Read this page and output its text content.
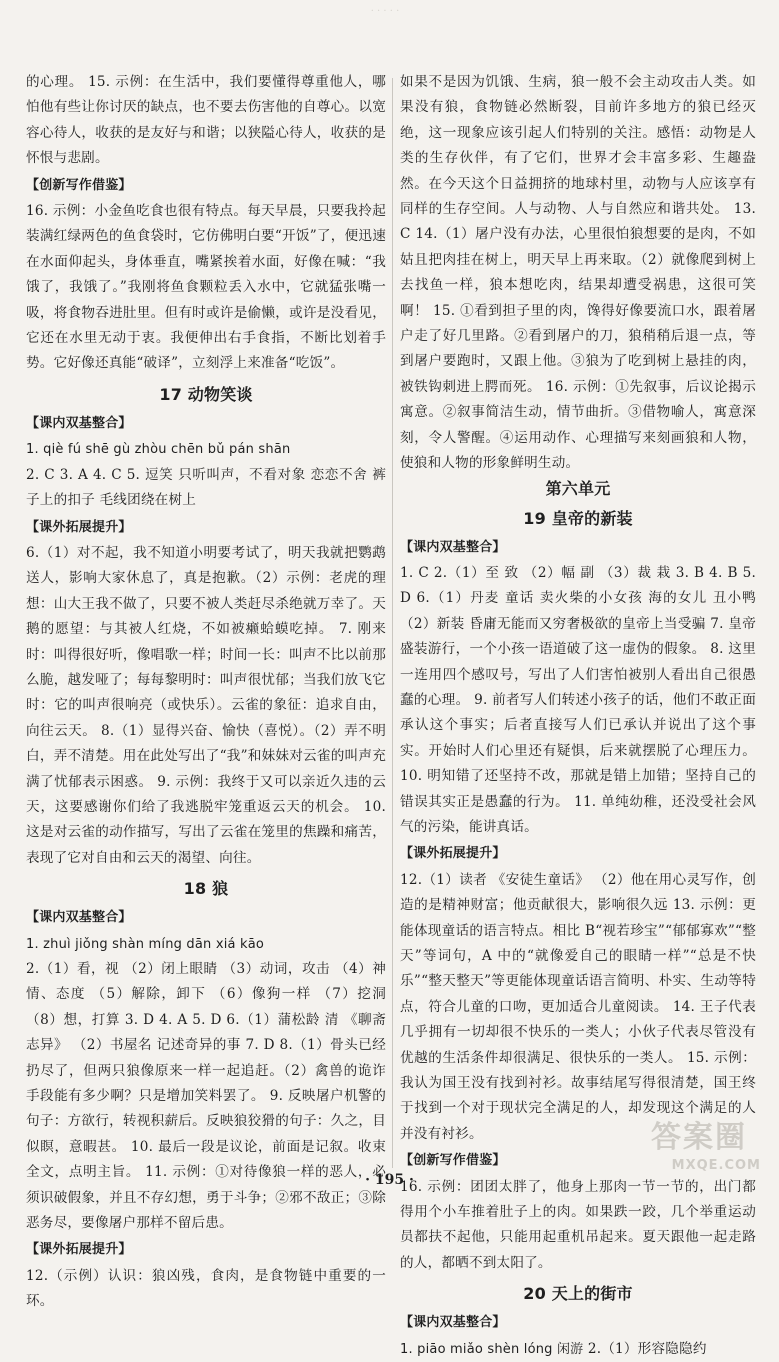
· · · · ·

的心理。 15. 示例：在生活中，我们要懂得尊重他人，哪怕他有些让你讨厌的缺点，也不要去伤害他的自尊心。以宽容心待人，收获的是友好与和谐；以狭隘心待人，收获的是怀恨与悲剧。

【创新写作借鉴】

16. 示例：小金鱼吃食也很有特点。每天早晨，只要我拎起装满红绿两色的鱼食袋时，它仿佛明白要“开饭”了，便迅速在水面仰起头，身体垂直，嘴紧挨着水面，好像在喊：“我饿了，我饿了。”我刚将鱼食颗粒丢入水中，它就猛张嘴一吸，将食物吞进肚里。但有时或许是偷懒，或许是没看见，它还在水里无动于衷。我便伸出右手食指，不断比划着手势。它好像还真能“破译”，立刻浮上来准备“吃饭”。

17 动物笑谈
【课内双基整合】

1. qiè fú shē gù zhòu chēn bǔ pán shān

2. C 3. A 4. C 5. 逗笑 只听叫声，不看对象 恋恋不舍 裤子上的扣子 毛线团绕在树上

【课外拓展提升】

6.（1）对不起，我不知道小明要考试了，明天我就把鹦鹉送人，影响大家休息了，真是抱歉。（2）示例：老虎的理想：山大王我不做了，只要不被人类赶尽杀绝就万幸了。天鹅的愿望：与其被人红烧，不如被癞蛤蟆吃掉。 7. 刚来时：叫得很好听，像唱歌一样；时间一长：叫声不比以前那么脆，越发哑了；每每黎明时：叫声很忧郁；当我们放飞它时：它的叫声很响亮（或快乐）。云雀的象征：追求自由，向往云天。 8.（1）显得兴奋、愉快（喜悦）。（2）弄不明白，弄不清楚。用在此处写出了“我”和妹妹对云雀的叫声充满了忧郁表示困惑。 9. 示例：我终于又可以亲近久违的云天，这要感谢你们给了我逃脱牢笼重返云天的机会。 10. 这是对云雀的动作描写，写出了云雀在笼里的焦躁和痛苦，表现了它对自由和云天的渴望、向往。

18 狼
【课内双基整合】

1. zhuì jiǒng shàn míng dān xiá kāo

2.（1）看，视 （2）闭上眼睛 （3）动词，攻击 （4）神情、态度 （5）解除，卸下 （6）像狗一样 （7）挖洞 （8）想，打算 3. D 4. A 5. D 6.（1）蒲松龄 清 《聊斋志异》 （2）书屋名 记述奇异的事 7. D 8.（1）骨头已经扔尽了，但两只狼像原来一样一起追赶。（2）禽兽的诡诈手段能有多少啊？只是增加笑料罢了。 9. 反映屠户机警的句子：方欲行，转视积薪后。反映狼狡猾的句子：久之，目似瞑，意暇甚。 10. 最后一段是议论，前面是记叙。收束全文，点明主旨。 11. 示例：①对待像狼一样的恶人，必须识破假象，并且不存幻想，勇于斗争；②邪不敌正；③除恶务尽，要像屠户那样不留后患。

【课外拓展提升】

12.（示例）认识：狼凶残，食肉，是食物链中重要的一环。

如果不是因为饥饿、生病，狼一般不会主动攻击人类。如果没有狼，食物链必然断裂，目前许多地方的狼已经灭绝，这一现象应该引起人们特别的关注。感悟：动物是人类的生存伙伴，有了它们，世界才会丰富多彩、生趣盎然。在今天这个日益拥挤的地球村里，动物与人应该享有同样的生存空间。人与动物、人与自然应和谐共处。 13. C 14.（1）屠户没有办法，心里很怕狼想要的是肉，不如姑且把肉挂在树上，明天早上再来取。（2）就像爬到树上去找鱼一样，狼本想吃肉，结果却遭受祸患，这很可笑啊！ 15. ①看到担子里的肉，馋得好像要流口水，跟着屠户走了好几里路。②看到屠户的刀，狼稍稍后退一点，等到屠户要跑时，又跟上他。③狼为了吃到树上悬挂的肉，被铁钩刺进上腭而死。 16. 示例：①先叙事，后议论揭示寓意。②叙事简洁生动，情节曲折。③借物喻人，寓意深刻，令人警醒。④运用动作、心理描写来刻画狼和人物，使狼和人物的形象鲜明生动。

第六单元
19 皇帝的新装
【课内双基整合】

1. C 2.（1）至 致 （2）幅 副 （3）裁 栽 3. B 4. B 5. D 6.（1）丹麦 童话 卖火柴的小女孩 海的女儿 丑小鸭 （2）新装 昏庸无能而又穷奢极欲的皇帝上当受骗 7. 皇帝盛装游行，一个小孩一语道破了这一虚伪的假象。 8. 这里一连用四个感叹号，写出了人们害怕被别人看出自己很愚蠢的心理。 9. 前者写人们转述小孩子的话，他们不敢正面承认这个事实；后者直接写人们已承认并说出了这个事实。开始时人们心里还有疑惧，后来就摆脱了心理压力。 10. 明知错了还坚持不改，那就是错上加错；坚持自己的错误其实正是愚蠢的行为。 11. 单纯幼稚，还没受社会风气的污染，能讲真话。

【课外拓展提升】

12.（1）读者 《安徒生童话》 （2）他在用心灵写作，创造的是精神财富；他贡献很大，影响很久远 13. 示例：更能体现童话的语言特点。相比 B“视若珍宝”“郁郁寡欢”“整天”等词句，A 中的“就像爱自己的眼睛一样”“总是不快乐”“整天整天”等更能体现童话语言简明、朴实、生动等特点，符合儿童的口吻，更加适合儿童阅读。 14. 王子代表几乎拥有一切却很不快乐的一类人；小伙子代表尽管没有优越的生活条件却很满足、很快乐的一类人。 15. 示例：我认为国王没有找到衬衫。故事结尾写得很清楚，国王终于找到一个对于现状完全满足的人，却发现这个满足的人并没有衬衫。

【创新写作借鉴】

16. 示例：团团太胖了，他身上那肉一节一节的，出门都得用个小车推着肚子上的肉。如果跌一跤，几个举重运动员都扶不起他，只能用起重机吊起来。夏天跟他一起走路的人，都晒不到太阳了。

20 天上的街市
【课内双基整合】

1. piāo miǎo shèn lóng 闲游 2.（1）形容隐隐约

· 195 ·
答案圈
MXQE.COM
